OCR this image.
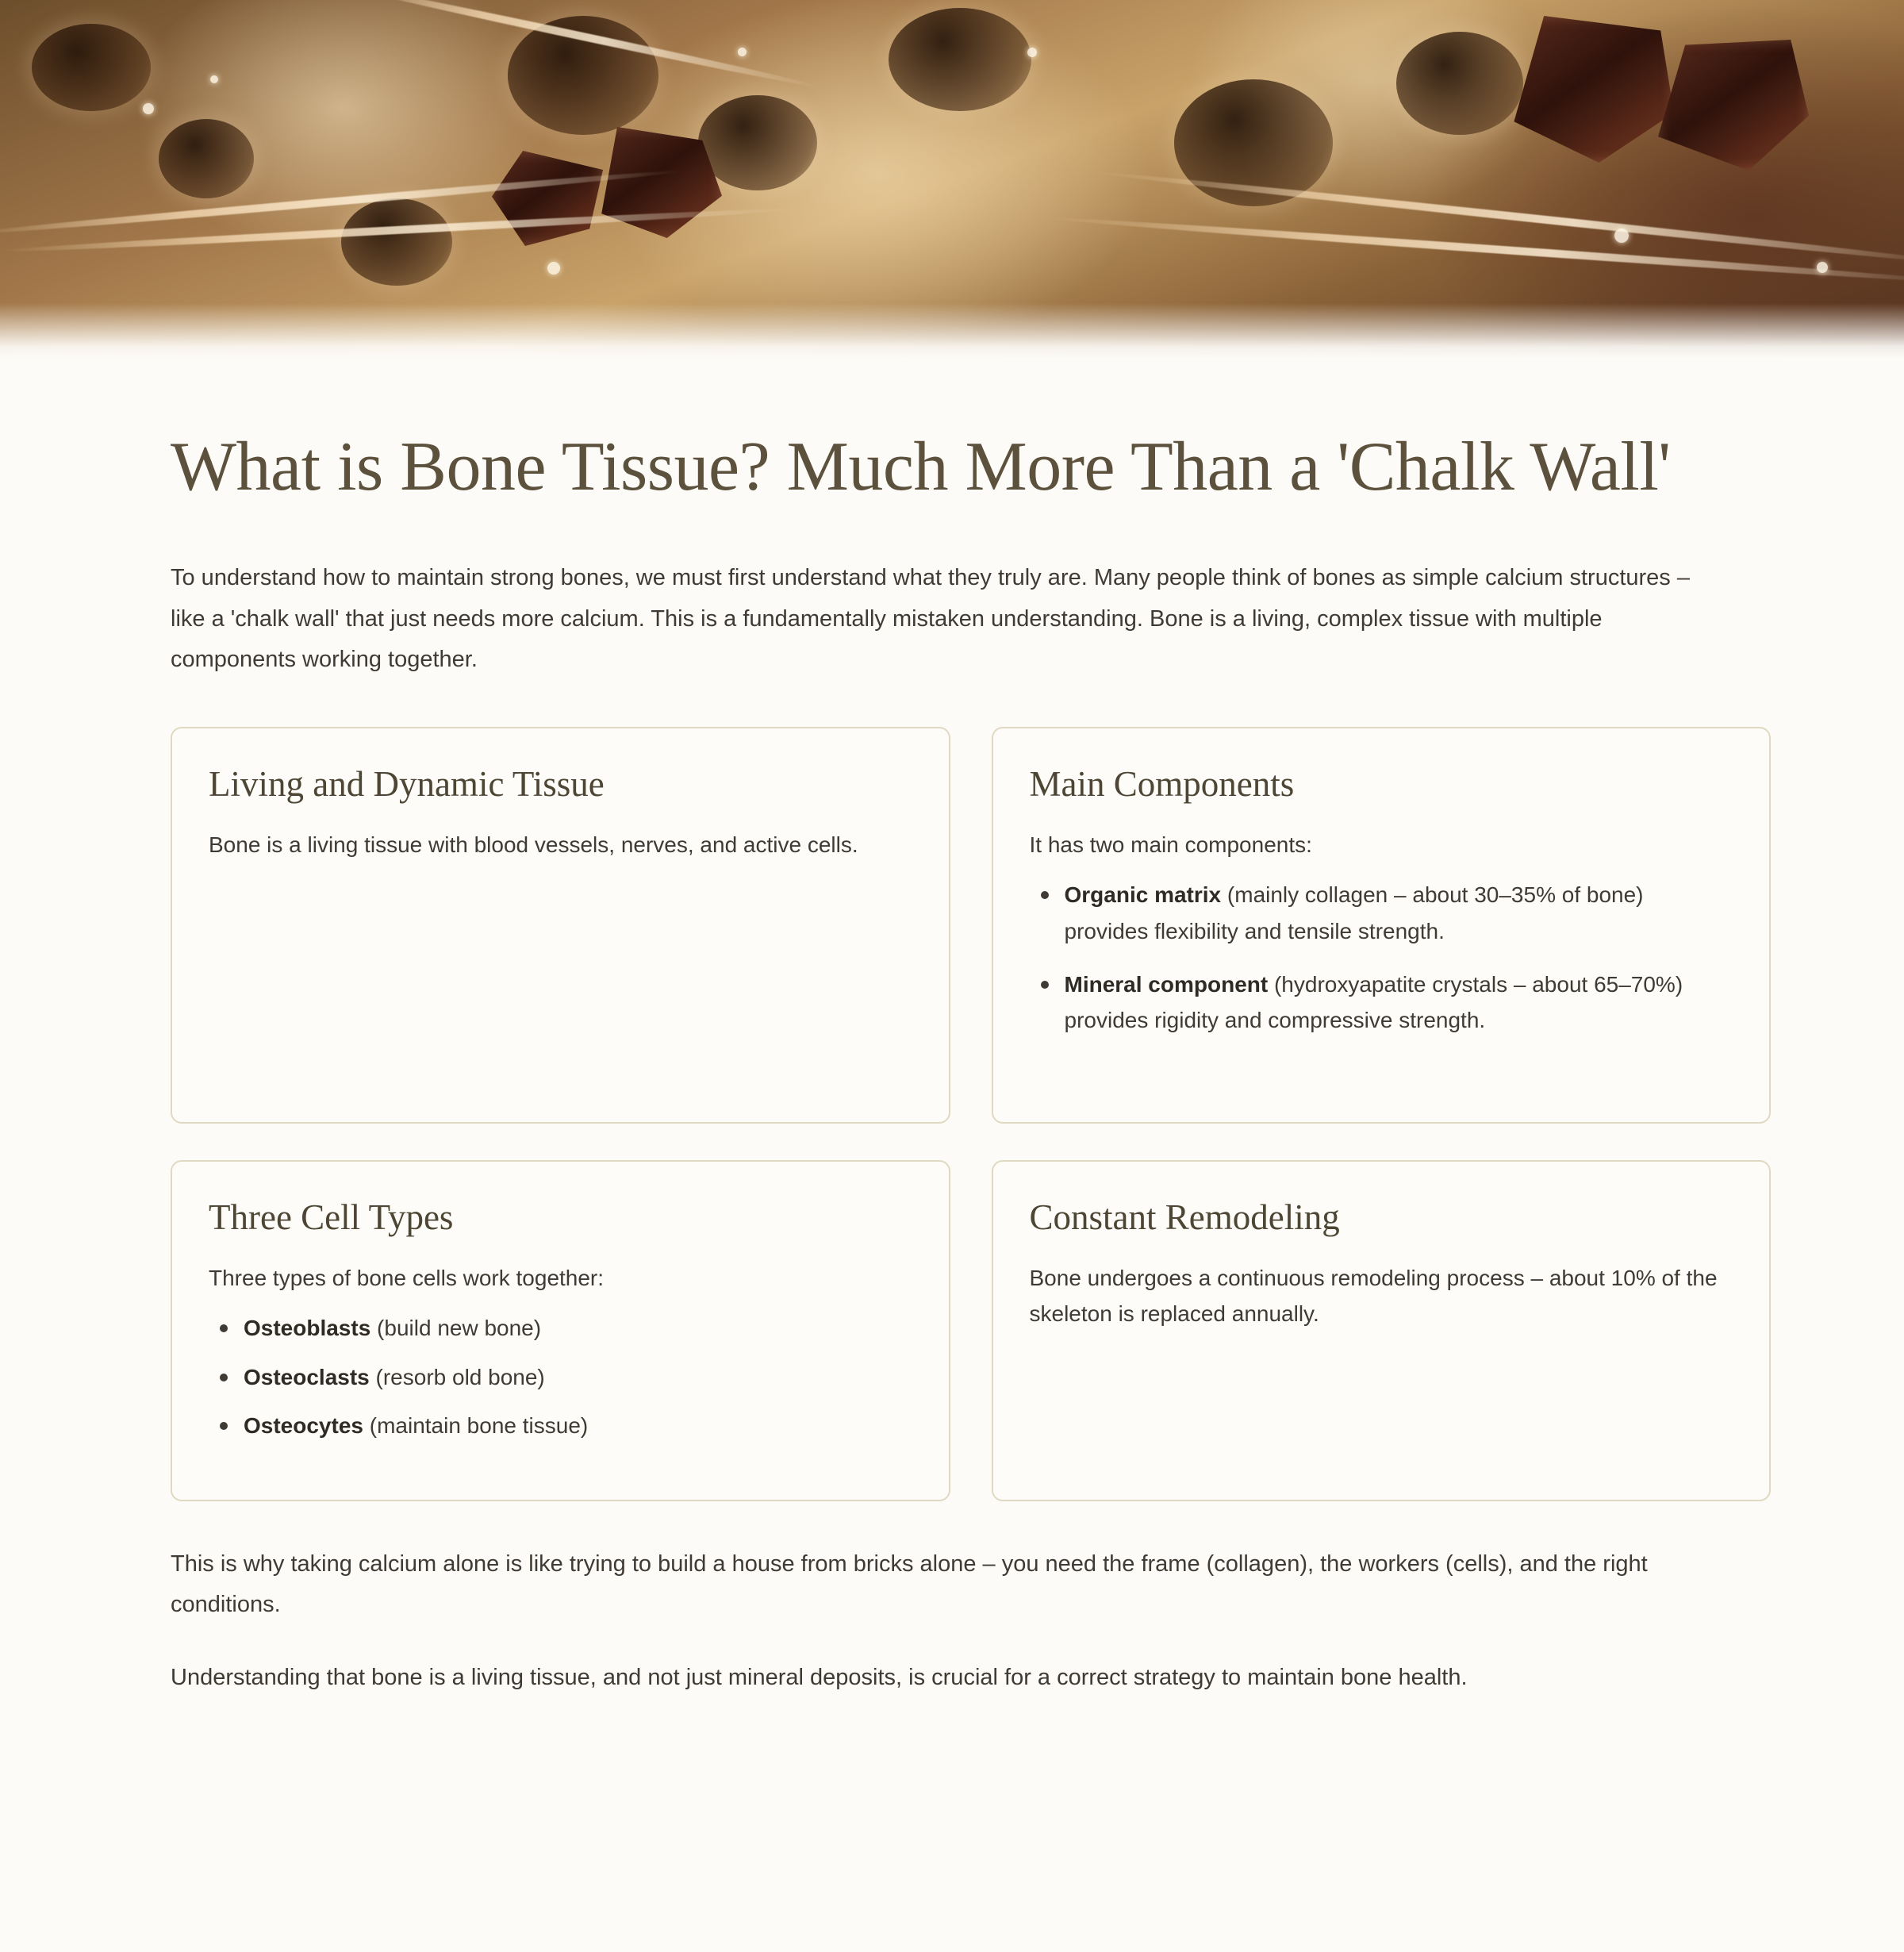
What is Bone Tissue? Much More Than a 'Chalk Wall'

To understand how to maintain strong bones, we must first understand what they truly are. Many people think of bones as simple calcium structures – like a 'chalk wall' that just needs more calcium. This is a fundamentally mistaken understanding. Bone is a living, complex tissue with multiple components working together.

Living and Dynamic Tissue

Bone is a living tissue with blood vessels, nerves, and active cells.

Main Components

It has two main components:

Organic matrix (mainly collagen – about 30–35% of bone) provides flexibility and tensile strength.
Mineral component (hydroxyapatite crystals – about 65–70%) provides rigidity and compressive strength.
Three Cell Types

Three types of bone cells work together:

Osteoblasts (build new bone)
Osteoclasts (resorb old bone)
Osteocytes (maintain bone tissue)
Constant Remodeling

Bone undergoes a continuous remodeling process – about 10% of the skeleton is replaced annually.

This is why taking calcium alone is like trying to build a house from bricks alone – you need the frame (collagen), the workers (cells), and the right conditions.

Understanding that bone is a living tissue, and not just mineral deposits, is crucial for a correct strategy to maintain bone health.
